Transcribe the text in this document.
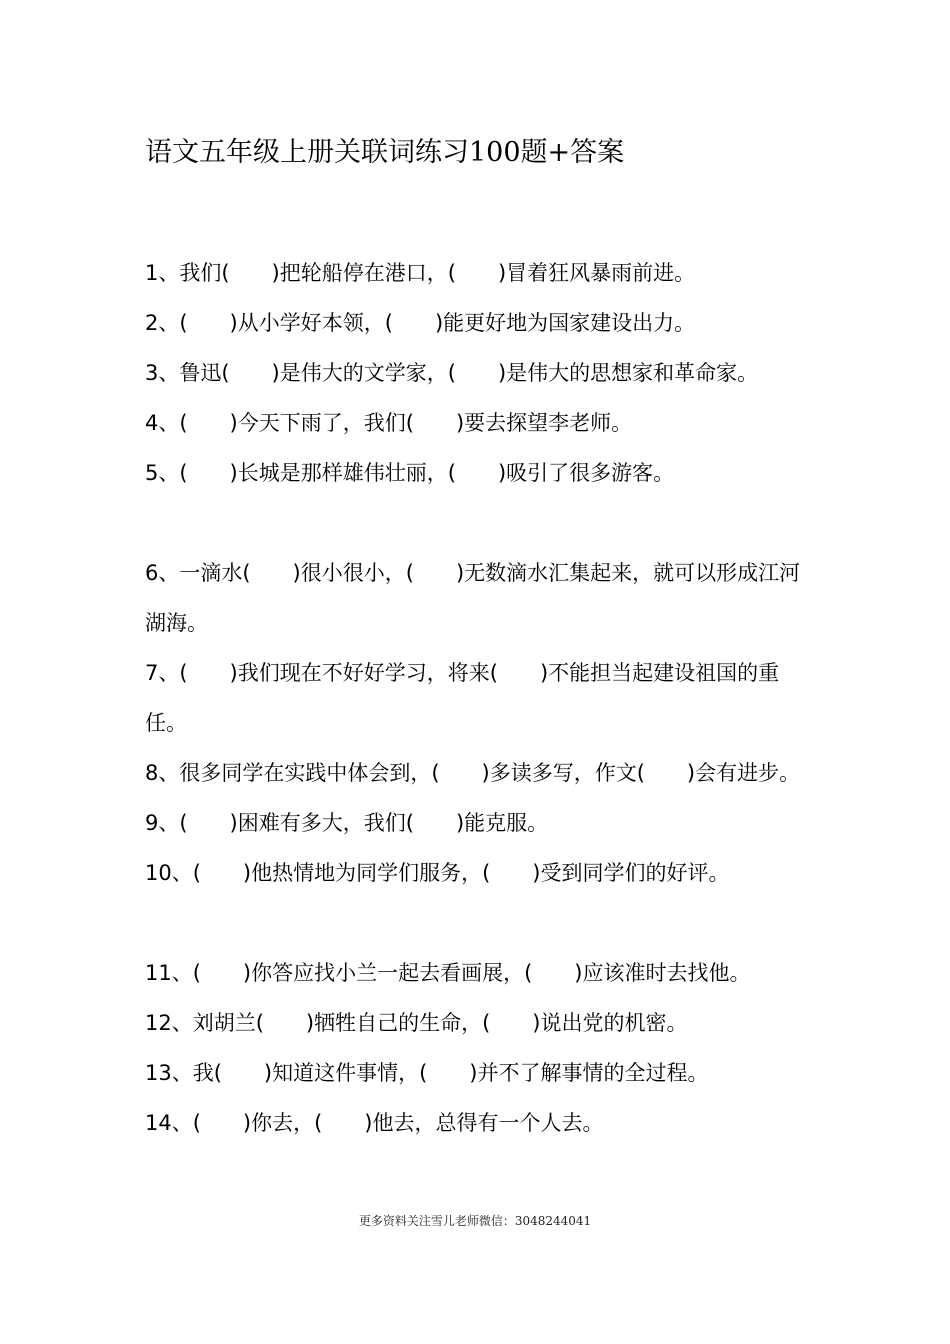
语文五年级上册关联词练习100题+答案

1、我们(　　)把轮船停在港口，(　　)冒着狂风暴雨前进。

2、(　　)从小学好本领，(　　)能更好地为国家建设出力。

3、鲁迅(　　)是伟大的文学家，(　　)是伟大的思想家和革命家。

4、(　　)今天下雨了，我们(　　)要去探望李老师。

5、(　　)长城是那样雄伟壮丽，(　　)吸引了很多游客。

6、一滴水(　　)很小很小，(　　)无数滴水汇集起来，就可以形成江河湖海。

7、(　　)我们现在不好好学习，将来(　　)不能担当起建设祖国的重任。

8、很多同学在实践中体会到，(　　)多读多写，作文(　　)会有进步。

9、(　　)困难有多大，我们(　　)能克服。

10、(　　)他热情地为同学们服务，(　　)受到同学们的好评。

11、(　　)你答应找小兰一起去看画展，(　　)应该准时去找他。

12、刘胡兰(　　)牺牲自己的生命，(　　)说出党的机密。

13、我(　　)知道这件事情，(　　)并不了解事情的全过程。

14、(　　)你去，(　　)他去，总得有一个人去。

更多资料关注雪儿老师微信：3048244041
